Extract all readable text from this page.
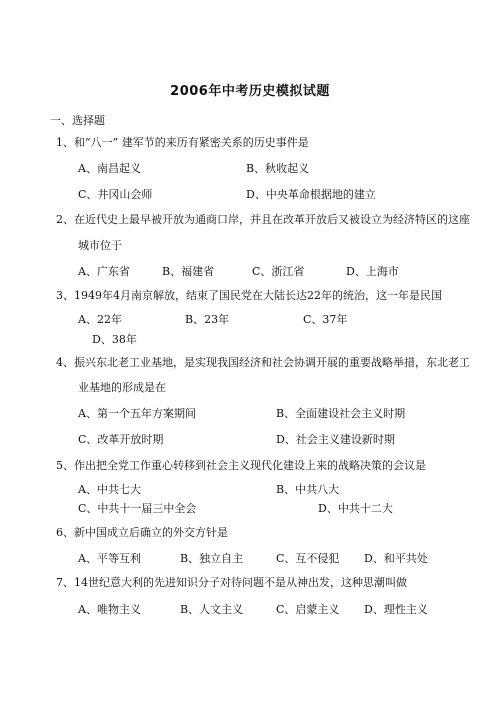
2006年中考历史模拟试题
一、选择题
1、和“八一” 建军节的来历有紧密关系的历史事件是
A、南昌起义	B、秋收起义
C、井冈山会师	D、中央革命根据地的建立
2、在近代史上最早被开放为通商口岸，并且在改革开放后又被设立为经济特区的这座
城市位于
A、广东省	B、福建省	C、浙江省	D、上海市
3、1949年4月南京解放，结束了国民党在大陆长达22年的统治，这一年是民国
A、22年	B、23年	C、37年
D、38年
4、振兴东北老工业基地，是实现我国经济和社会协调开展的重要战略举措，东北老工
业基地的形成是在
A、第一个五年方案期间	B、全面建设社会主义时期
C、改革开放时期	D、社会主义建设新时期
5、作出把全党工作重心转移到社会主义现代化建设上来的战略决策的会议是
A、中共七大	B、中共八大
C、中共十一届三中全会	D、中共十二大
6、新中国成立后确立的外交方针是
A、平等互利	B、独立自主	C、互不侵犯 D、和平共处
7、14世纪意大利的先进知识分子对待问题不是从神出发，这种思潮叫做
A、唯物主义	B、人文主义	C、启蒙主义 D、理性主义
